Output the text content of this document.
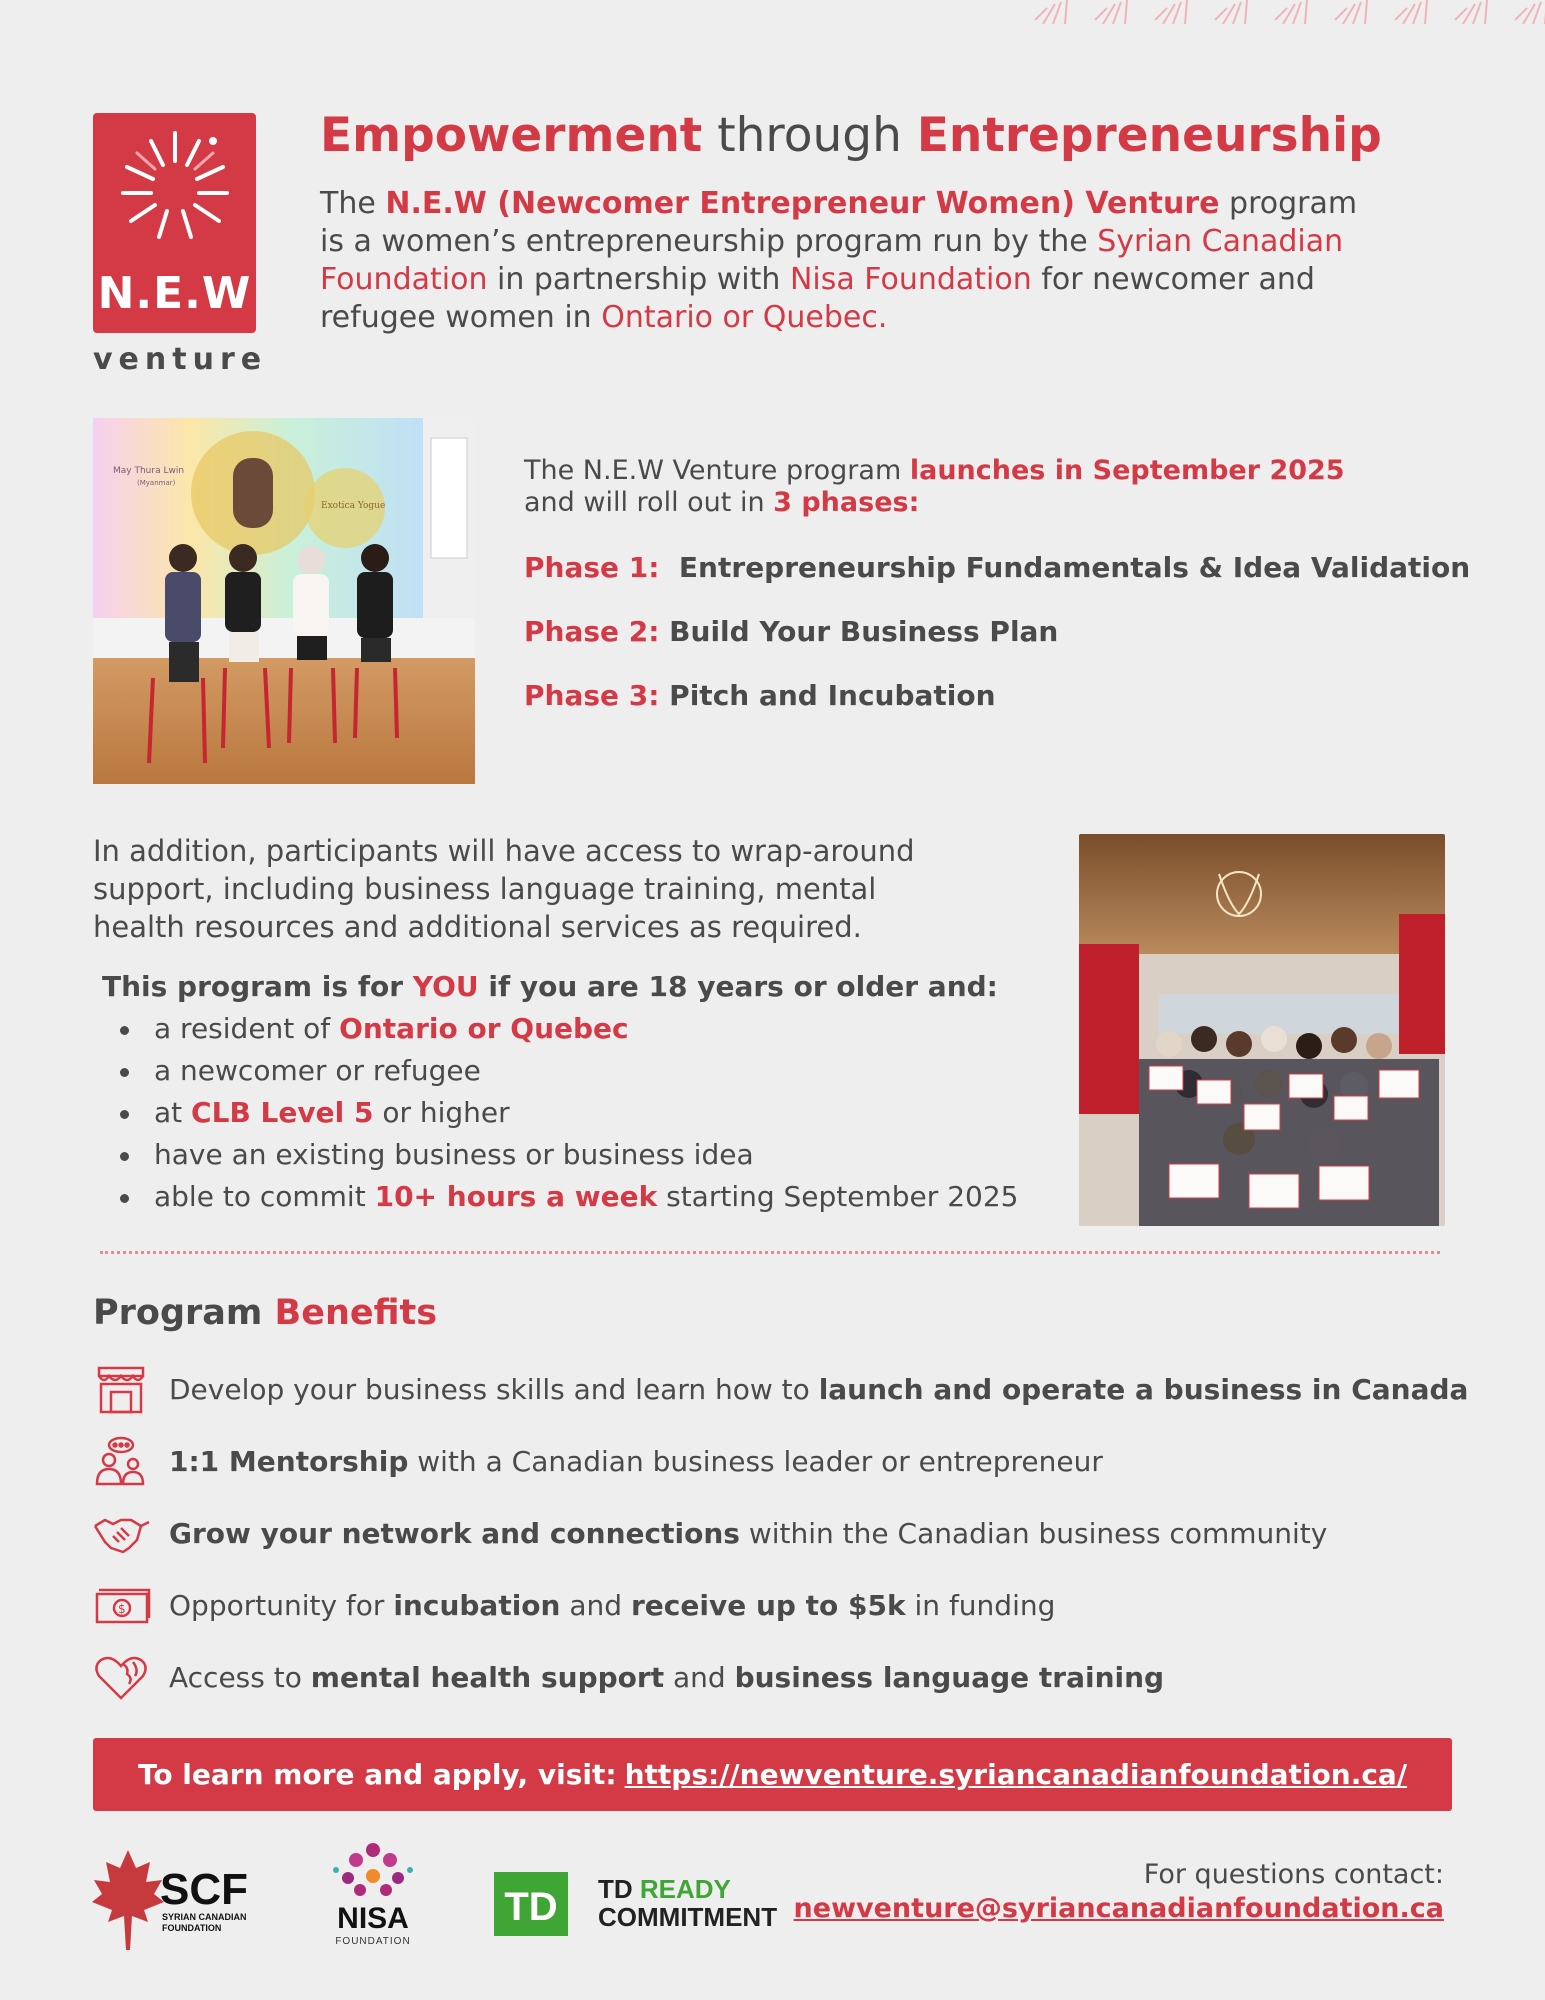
N.E.W
venture
Empowerment through Entrepreneurship

The N.E.W (Newcomer Entrepreneur Women) Venture program is a women’s entrepreneurship program run by the Syrian Canadian Foundation in partnership with Nisa Foundation for newcomer and refugee women in Ontario or Quebec.

May Thura Lwin
(Myanmar)
Exotica Yogue

The N.E.W Venture program launches in September 2025
and will roll out in 3 phases:

Phase 1:  Entrepreneurship Fundamentals & Idea Validation
Phase 2: Build Your Business Plan
Phase 3: Pitch and Incubation

In addition, participants will have access to wrap-around support, including business language training, mental health resources and additional services as required.

This program is for YOU if you are 18 years or older and:
a resident of Ontario or Quebec
a newcomer or refugee
at CLB Level 5 or higher
have an existing business or business idea
able to commit 10+ hours a week starting September 2025
Program Benefits
Develop your business skills and learn how to launch and operate a business in Canada
1:1 Mentorship with a Canadian business leader or entrepreneur
Grow your network and connections within the Canadian business community
$ Opportunity for incubation and receive up to $5k in funding
Access to mental health support and business language training
To learn more and apply, visit: https://newventure.syriancanadianfoundation.ca/
SCF
SYRIAN CANADIAN
FOUNDATION	NISA
FOUNDATION
TD TD READY
COMMITMENT
For questions contact:
newventure@syriancanadianfoundation.ca
